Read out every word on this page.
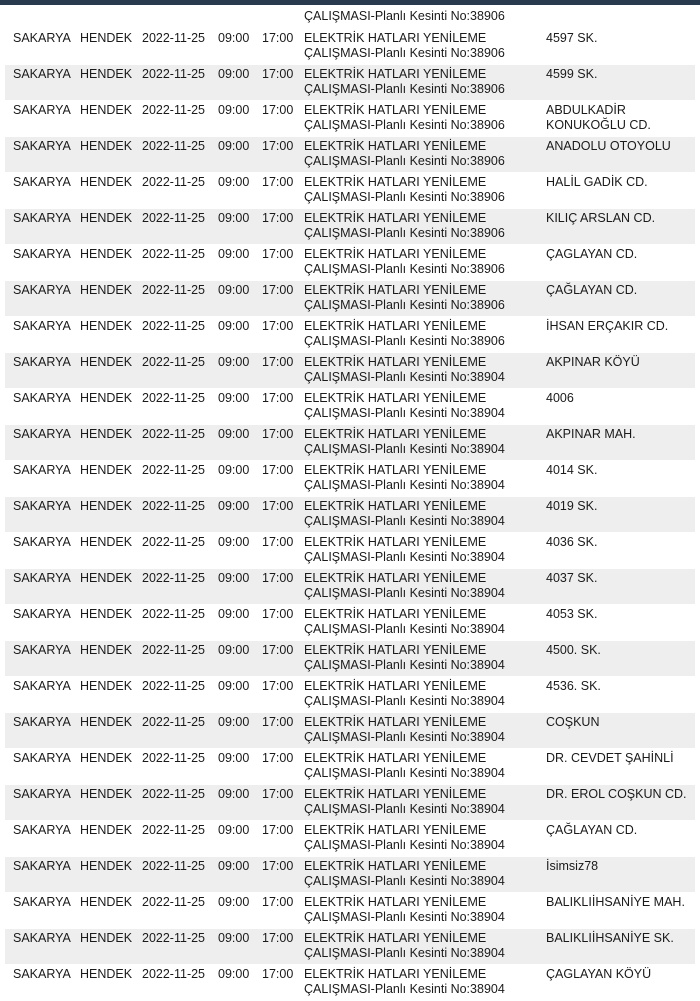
ÇALIŞMASI-Planlı Kesinti No:38906
SAKARYA HENDEK 2022-11-25 09:00 17:00 ELEKTRİK HATLARI YENİLEME
ÇALIŞMASI-Planlı Kesinti No:38906
4597 SK.
SAKARYA HENDEK 2022-11-25 09:00 17:00 ELEKTRİK HATLARI YENİLEME
ÇALIŞMASI-Planlı Kesinti No:38906
4599 SK.
SAKARYA HENDEK 2022-11-25 09:00 17:00 ELEKTRİK HATLARI YENİLEME
ÇALIŞMASI-Planlı Kesinti No:38906
ABDULKADİR KONUKOĞLU CD.
SAKARYA HENDEK 2022-11-25 09:00 17:00 ELEKTRİK HATLARI YENİLEME
ÇALIŞMASI-Planlı Kesinti No:38906
ANADOLU OTOYOLU
SAKARYA HENDEK 2022-11-25 09:00 17:00 ELEKTRİK HATLARI YENİLEME
ÇALIŞMASI-Planlı Kesinti No:38906
HALİL GADİK CD.
SAKARYA HENDEK 2022-11-25 09:00 17:00 ELEKTRİK HATLARI YENİLEME
ÇALIŞMASI-Planlı Kesinti No:38906
KILIÇ ARSLAN CD.
SAKARYA HENDEK 2022-11-25 09:00 17:00 ELEKTRİK HATLARI YENİLEME
ÇALIŞMASI-Planlı Kesinti No:38906
ÇAGLAYAN CD.
SAKARYA HENDEK 2022-11-25 09:00 17:00 ELEKTRİK HATLARI YENİLEME
ÇALIŞMASI-Planlı Kesinti No:38906
ÇAĞLAYAN CD.
SAKARYA HENDEK 2022-11-25 09:00 17:00 ELEKTRİK HATLARI YENİLEME
ÇALIŞMASI-Planlı Kesinti No:38906
İHSAN ERÇAKIR CD.
SAKARYA HENDEK 2022-11-25 09:00 17:00 ELEKTRİK HATLARI YENİLEME
ÇALIŞMASI-Planlı Kesinti No:38904
AKPINAR KÖYÜ
SAKARYA HENDEK 2022-11-25 09:00 17:00 ELEKTRİK HATLARI YENİLEME
ÇALIŞMASI-Planlı Kesinti No:38904
4006
SAKARYA HENDEK 2022-11-25 09:00 17:00 ELEKTRİK HATLARI YENİLEME
ÇALIŞMASI-Planlı Kesinti No:38904
AKPINAR MAH.
SAKARYA HENDEK 2022-11-25 09:00 17:00 ELEKTRİK HATLARI YENİLEME
ÇALIŞMASI-Planlı Kesinti No:38904
4014 SK.
SAKARYA HENDEK 2022-11-25 09:00 17:00 ELEKTRİK HATLARI YENİLEME
ÇALIŞMASI-Planlı Kesinti No:38904
4019 SK.
SAKARYA HENDEK 2022-11-25 09:00 17:00 ELEKTRİK HATLARI YENİLEME
ÇALIŞMASI-Planlı Kesinti No:38904
4036 SK.
SAKARYA HENDEK 2022-11-25 09:00 17:00 ELEKTRİK HATLARI YENİLEME
ÇALIŞMASI-Planlı Kesinti No:38904
4037 SK.
SAKARYA HENDEK 2022-11-25 09:00 17:00 ELEKTRİK HATLARI YENİLEME
ÇALIŞMASI-Planlı Kesinti No:38904
4053 SK.
SAKARYA HENDEK 2022-11-25 09:00 17:00 ELEKTRİK HATLARI YENİLEME
ÇALIŞMASI-Planlı Kesinti No:38904
4500. SK.
SAKARYA HENDEK 2022-11-25 09:00 17:00 ELEKTRİK HATLARI YENİLEME
ÇALIŞMASI-Planlı Kesinti No:38904
4536. SK.
SAKARYA HENDEK 2022-11-25 09:00 17:00 ELEKTRİK HATLARI YENİLEME
ÇALIŞMASI-Planlı Kesinti No:38904
COŞKUN
SAKARYA HENDEK 2022-11-25 09:00 17:00 ELEKTRİK HATLARI YENİLEME
ÇALIŞMASI-Planlı Kesinti No:38904
DR. CEVDET ŞAHİNLİ
SAKARYA HENDEK 2022-11-25 09:00 17:00 ELEKTRİK HATLARI YENİLEME
ÇALIŞMASI-Planlı Kesinti No:38904
DR. EROL COŞKUN CD.
SAKARYA HENDEK 2022-11-25 09:00 17:00 ELEKTRİK HATLARI YENİLEME
ÇALIŞMASI-Planlı Kesinti No:38904
ÇAĞLAYAN CD.
SAKARYA HENDEK 2022-11-25 09:00 17:00 ELEKTRİK HATLARI YENİLEME
ÇALIŞMASI-Planlı Kesinti No:38904
İsimsiz78
SAKARYA HENDEK 2022-11-25 09:00 17:00 ELEKTRİK HATLARI YENİLEME
ÇALIŞMASI-Planlı Kesinti No:38904
BALIKLIİHSANİYE MAH.
SAKARYA HENDEK 2022-11-25 09:00 17:00 ELEKTRİK HATLARI YENİLEME
ÇALIŞMASI-Planlı Kesinti No:38904
BALIKLIİHSANİYE SK.
SAKARYA HENDEK 2022-11-25 09:00 17:00 ELEKTRİK HATLARI YENİLEME
ÇALIŞMASI-Planlı Kesinti No:38904
ÇAGLAYAN KÖYÜ
